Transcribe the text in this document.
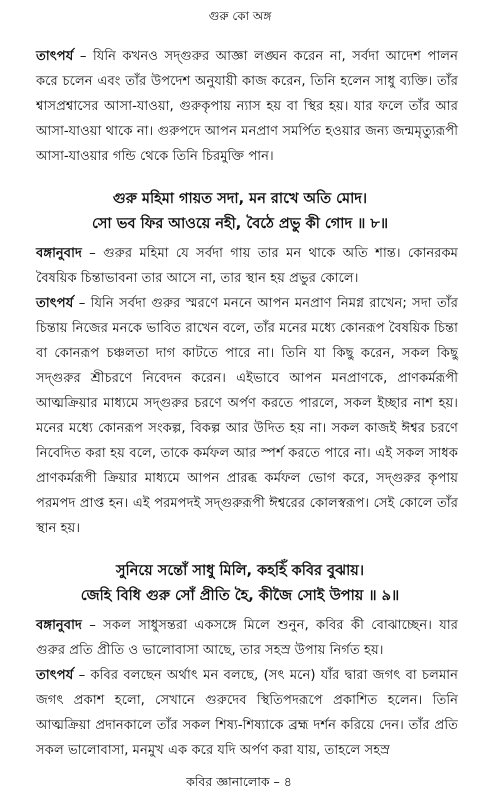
গুরু কো অঙ্গ

তাৎপর্য – যিনি কখনও সদ্গুরুর আজ্ঞা লঙ্ঘন করেন না, সর্বদা আদেশ পালন করে চলেন এবং তাঁর উপদেশ অনুযায়ী কাজ করেন, তিনি হলেন সাধু ব্যক্তি। তাঁর শ্বাসপ্রশ্বাসের আসা-যাওয়া, গুরুকৃপায় ন্যাস হয় বা স্থির হয়। যার ফলে তাঁর আর আসা-যাওয়া থাকে না। গুরুপদে আপন মনপ্রাণ সমর্পিত হওয়ার জন্য জন্মমৃত্যুরূপী আসা-যাওয়ার গন্ডি থেকে তিনি চিরমুক্তি পান।

গুরু মহিমা গায়ত সদা, মন রাখে অতি মোদ।

সো ভব ফির আওয়ে নহী, বৈঠে প্রভু কী গোদ ॥ ৮॥

বঙ্গানুবাদ – গুরুর মহিমা যে সর্বদা গায় তার মন থাকে অতি শান্ত। কোনরকম বৈষয়িক চিন্তাভাবনা তার আসে না, তার স্থান হয় প্রভুর কোলে।

তাৎপর্য – যিনি সর্বদা গুরুর স্মরণে মননে আপন মনপ্রাণ নিমগ্ন রাখেন; সদা তাঁর চিন্তায় নিজের মনকে ভাবিত রাখেন বলে, তাঁর মনের মধ্যে কোনরূপ বৈষয়িক চিন্তা বা কোনরূপ চঞ্চলতা দাগ কাটতে পারে না। তিনি যা কিছু করেন, সকল কিছু সদ্গুরুর শ্রীচরণে নিবেদন করেন। এইভাবে আপন মনপ্রাণকে, প্রাণকর্মরূপী আত্মক্রিয়ার মাধ্যমে সদ্গুরুর চরণে অর্পণ করতে পারলে, সকল ইচ্ছার নাশ হয়। মনের মধ্যে কোনরূপ সংকল্প, বিকল্প আর উদিত হয় না। সকল কাজই ঈশ্বর চরণে নিবেদিত করা হয় বলে, তাকে কর্মফল আর স্পর্শ করতে পারে না। এই সকল সাধক প্রাণকর্মরূপী ক্রিয়ার মাধ্যমে আপন প্রারব্ধ কর্মফল ভোগ করে, সদ্গুরুর কৃপায় পরমপদ প্রাপ্ত হন। এই পরমপদই সদ্গুরুরূপী ঈশ্বরের কোলস্বরূপ। সেই কোলে তাঁর স্থান হয়।

সুনিয়ে সন্তোঁ সাধু মিলি, কহহিঁ কবির বুঝায়।

জেহি বিধি গুরু সোঁ প্রীতি হৈ, কীজৈ সোই উপায় ॥ ৯॥

বঙ্গানুবাদ – সকল সাধুসন্তরা একসঙ্গে মিলে শুনুন, কবির কী বোঝাচ্ছেন। যার গুরুর প্রতি প্রীতি ও ভালোবাসা আছে, তার সহস্র উপায় নির্গত হয়।

তাৎপর্য – কবির বলছেন অর্থাৎ মন বলছে, (সৎ মনে) যাঁর দ্বারা জগৎ বা চলমান জগৎ প্রকাশ হলো, সেখানে গুরুদেব স্থিতিপদরূপে প্রকাশিত হলেন। তিনি আত্মক্রিয়া প্রদানকালে তাঁর সকল শিষ্য-শিষ্যাকে ব্রহ্ম দর্শন করিয়ে দেন। তাঁর প্রতি সকল ভালোবাসা, মনমুখ এক করে যদি অর্পণ করা যায়, তাহলে সহস্র

কবির জ্ঞানালোক – ৪
